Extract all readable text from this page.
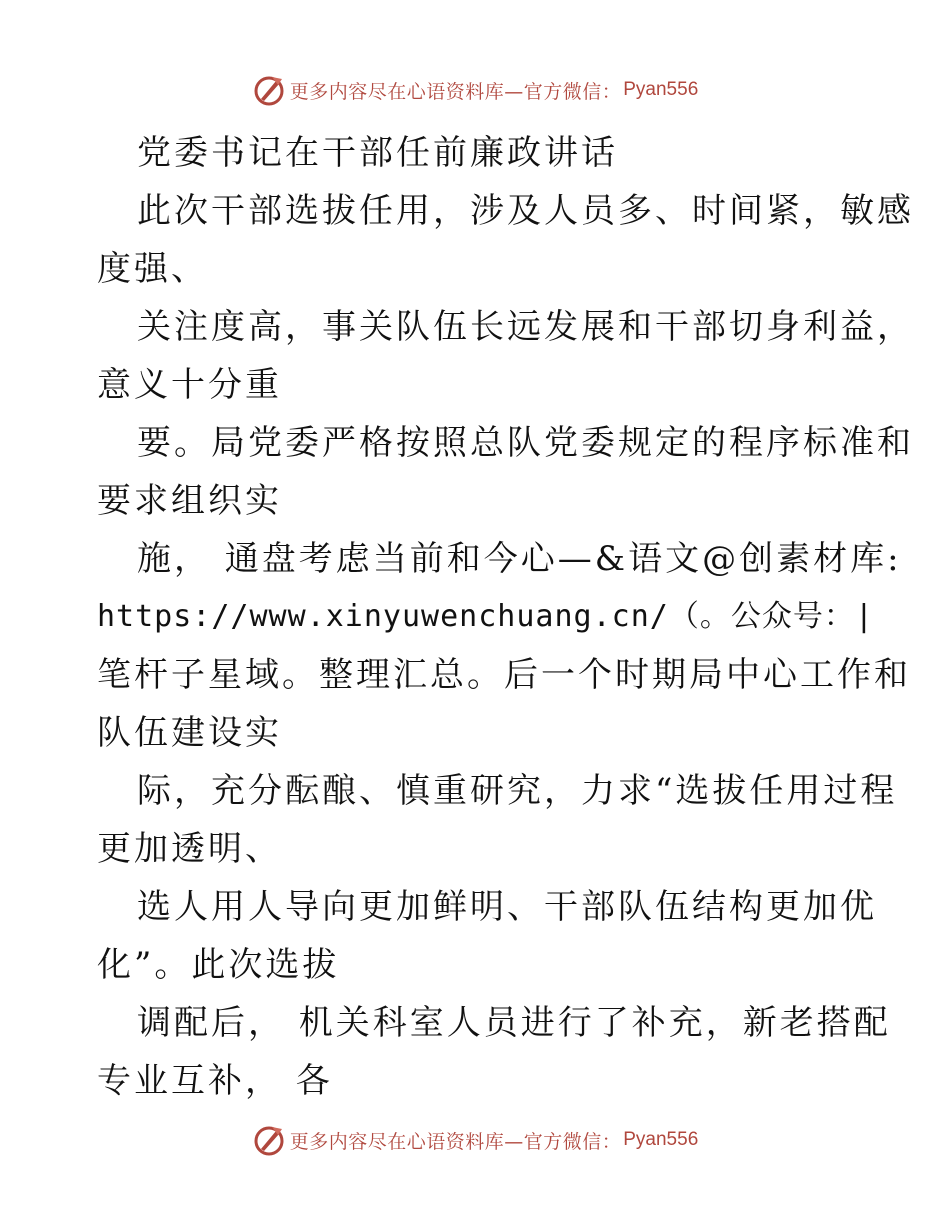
更多内容尽在心语资料库—官方微信： Pyan556
党委书记在干部任前廉政讲话
此次干部选拔任用，涉及人员多、时间紧，敏感
度强、
关注度高，事关队伍长远发展和干部切身利益，
意义十分重
要。局党委严格按照总队党委规定的程序标准和
要求组织实
施， 通盘考虑当前和今心—&语文@创素材库:
https://www.xinyuwenchuang.cn/（。公众号：|
笔杆子星域。整理汇总。后一个时期局中心工作和
队伍建设实
际，充分酝酿、慎重研究，力求“选拔任用过程
更加透明、
选人用人导向更加鲜明、干部队伍结构更加优
化”。此次选拔
调配后， 机关科室人员进行了补充，新老搭配
专业互补， 各
更多内容尽在心语资料库—官方微信： Pyan556
